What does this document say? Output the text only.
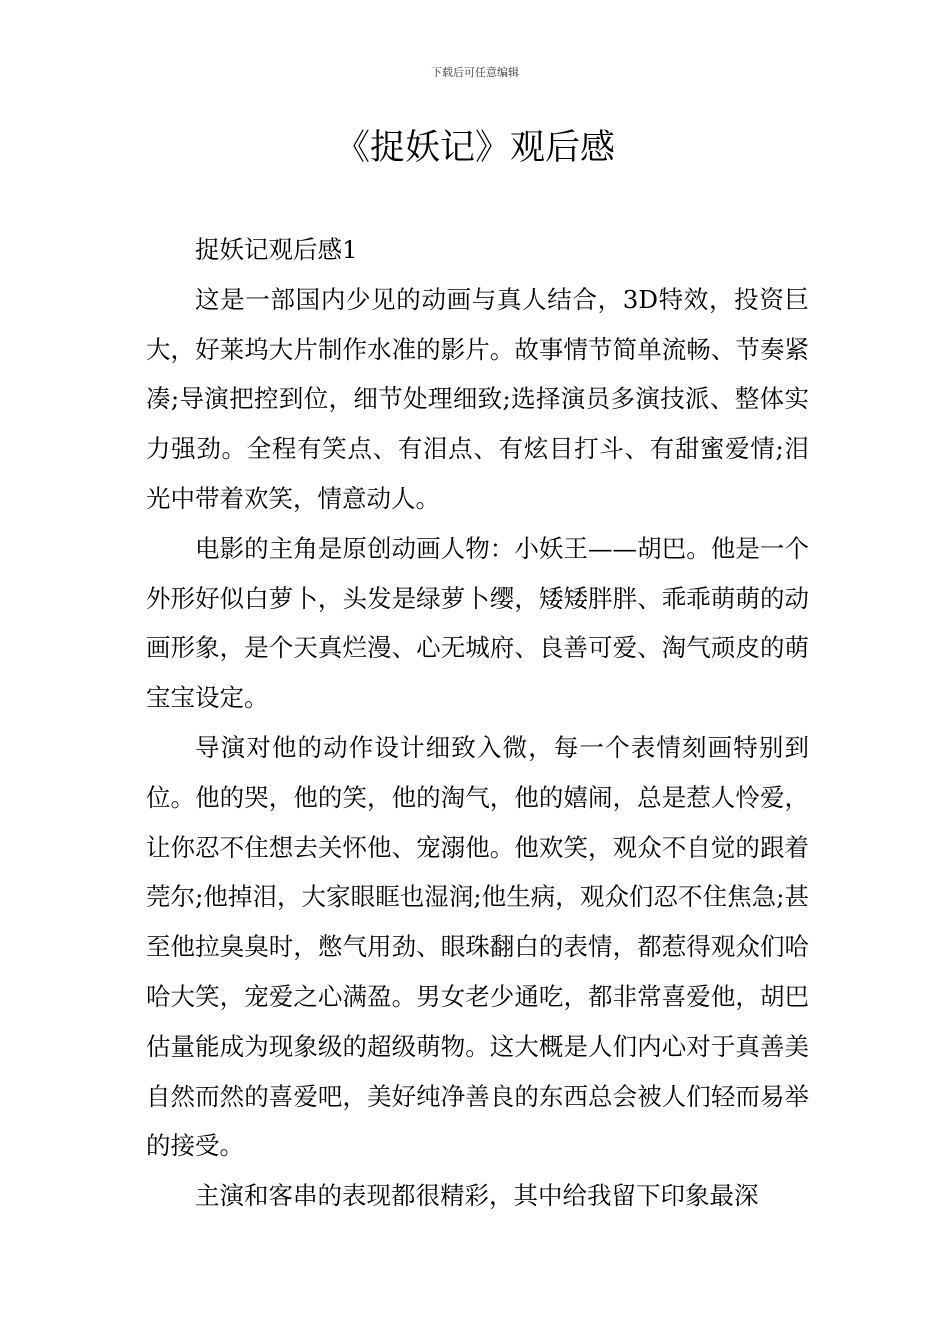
下载后可任意编辑
《捉妖记》观后感

捉妖记观后感1

这是一部国内少见的动画与真人结合，3D特效，投资巨大，好莱坞大片制作水准的影片。故事情节简单流畅、节奏紧凑;导演把控到位，细节处理细致;选择演员多演技派、整体实力强劲。全程有笑点、有泪点、有炫目打斗、有甜蜜爱情;泪光中带着欢笑，情意动人。

电影的主角是原创动画人物：小妖王——胡巴。他是一个外形好似白萝卜，头发是绿萝卜缨，矮矮胖胖、乖乖萌萌的动画形象，是个天真烂漫、心无城府、良善可爱、淘气顽皮的萌宝宝设定。

导演对他的动作设计细致入微，每一个表情刻画特别到位。他的哭，他的笑，他的淘气，他的嬉闹，总是惹人怜爱，让你忍不住想去关怀他、宠溺他。他欢笑，观众不自觉的跟着莞尔;他掉泪，大家眼眶也湿润;他生病，观众们忍不住焦急;甚至他拉臭臭时，憋气用劲、眼珠翻白的表情，都惹得观众们哈哈大笑，宠爱之心满盈。男女老少通吃，都非常喜爱他，胡巴估量能成为现象级的超级萌物。这大概是人们内心对于真善美自然而然的喜爱吧，美好纯净善良的东西总会被人们轻而易举的接受。

主演和客串的表现都很精彩，其中给我留下印象最深
